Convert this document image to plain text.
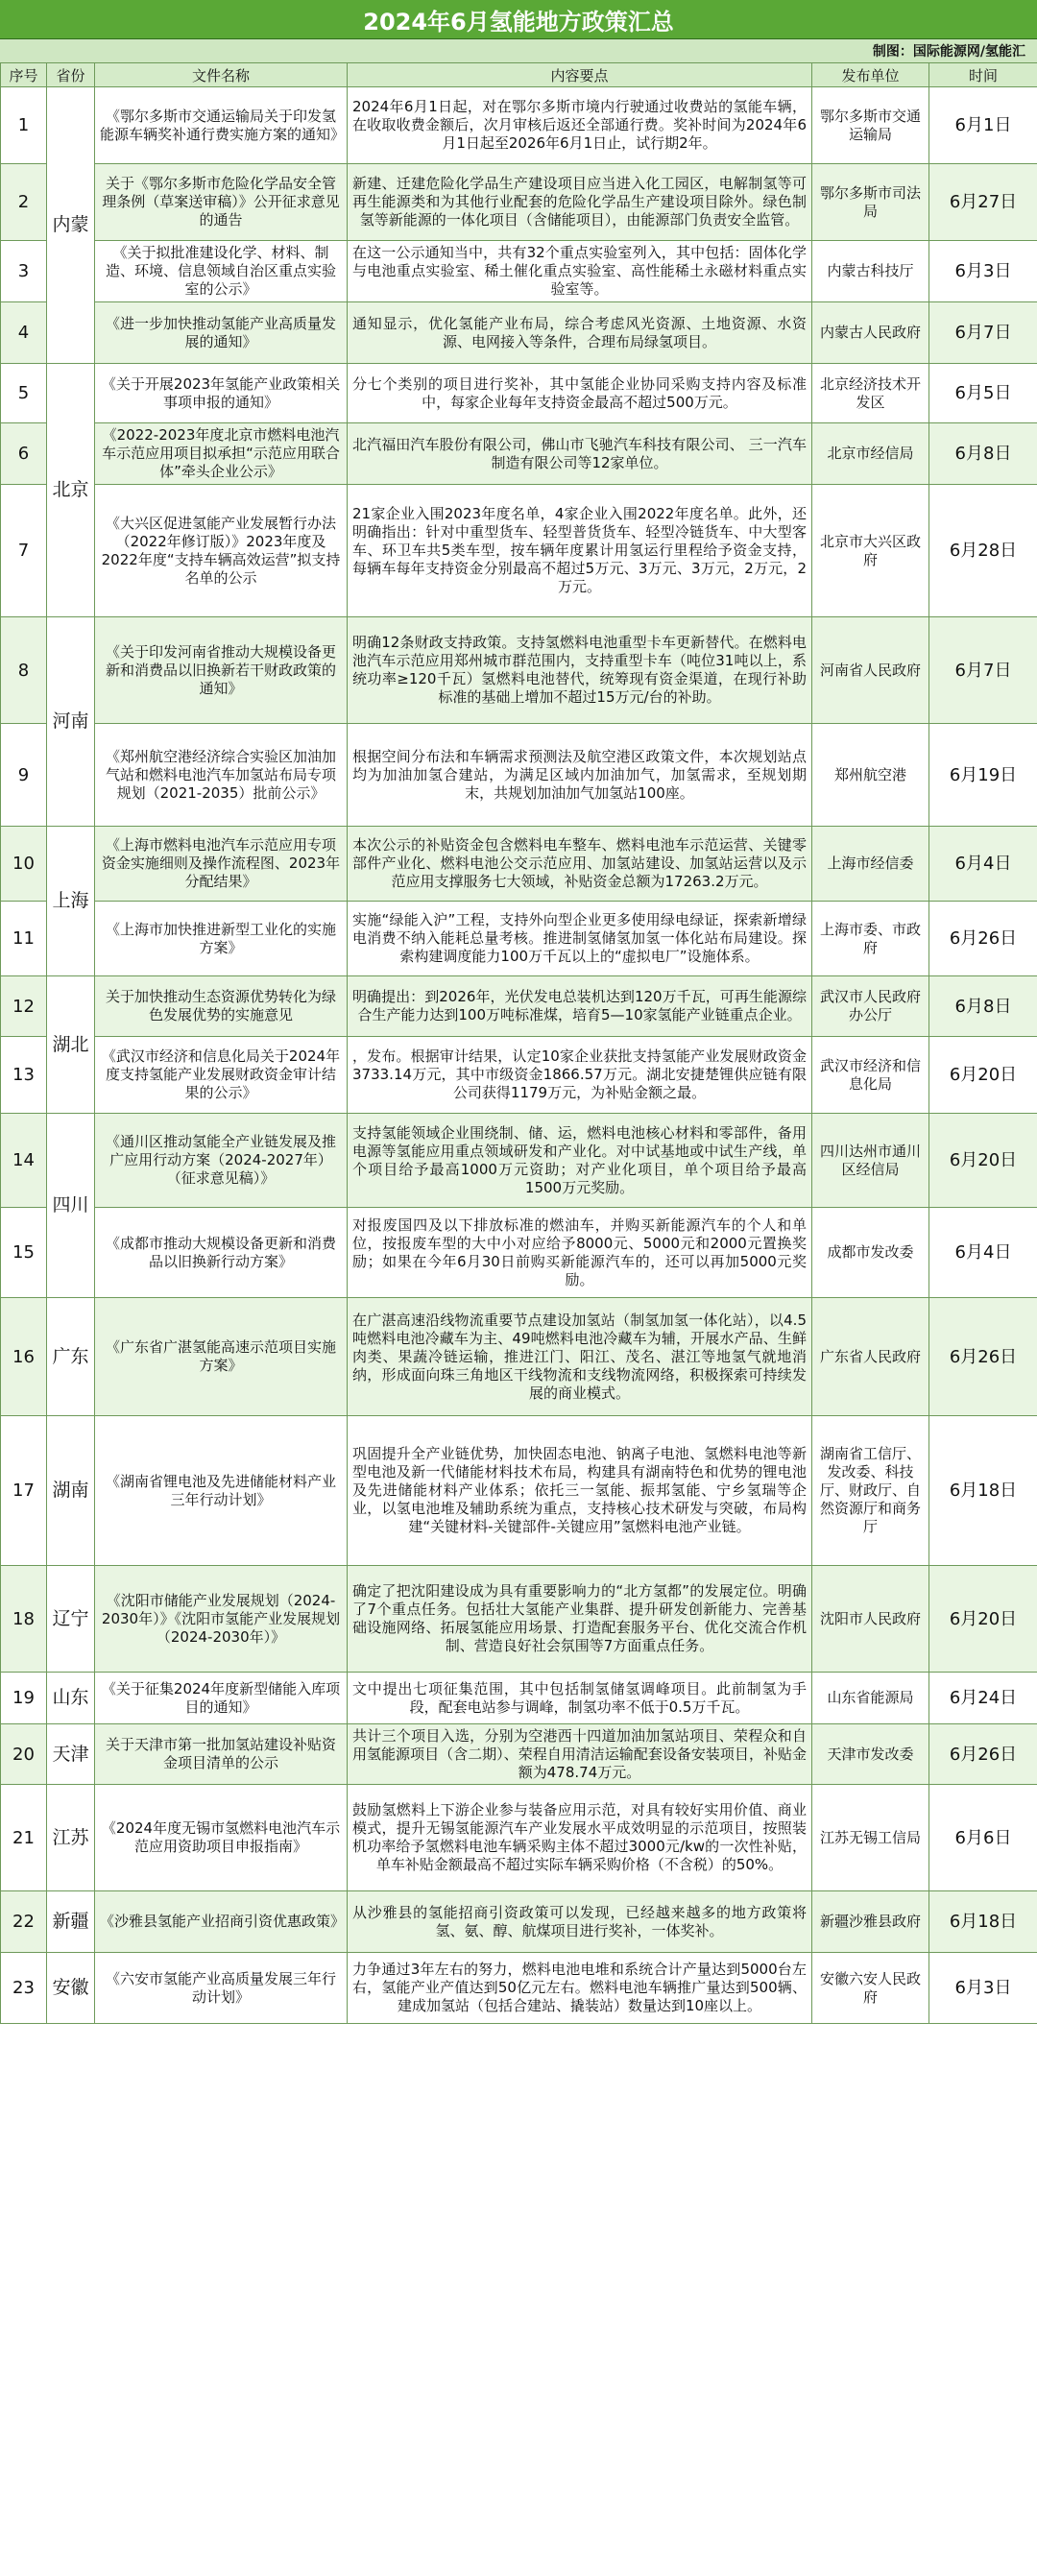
2024年6月氢能地方政策汇总
制图：国际能源网/氢能汇
序号	省份	文件名称	内容要点	发布单位	时间
1	内蒙	《鄂尔多斯市交通运输局关于印发氢能源车辆奖补通行费实施方案的通知》	2024年6月1日起，对在鄂尔多斯市境内行驶通过收费站的氢能车辆，在收取收费金额后，次月审核后返还全部通行费。奖补时间为2024年6月1日起至2026年6月1日止，试行期2年。	鄂尔多斯市交通运输局	6月1日
2		关于《鄂尔多斯市危险化学品安全管理条例（草案送审稿）》公开征求意见的通告	新建、迁建危险化学品生产建设项目应当进入化工园区，电解制氢等可再生能源类和为其他行业配套的危险化学品生产建设项目除外。绿色制氢等新能源的一体化项目（含储能项目），由能源部门负责安全监管。	鄂尔多斯市司法局	6月27日
3		《关于拟批准建设化学、材料、制造、环境、信息领域自治区重点实验室的公示》	在这一公示通知当中，共有32个重点实验室列入，其中包括：固体化学与电池重点实验室、稀土催化重点实验室、高性能稀土永磁材料重点实验室等。	内蒙古科技厅	6月3日
4		《进一步加快推动氢能产业高质量发展的通知》	通知显示，优化氢能产业布局，综合考虑风光资源、土地资源、水资源、电网接入等条件，合理布局绿氢项目。	内蒙古人民政府	6月7日
5	北京	《关于开展2023年氢能产业政策相关事项申报的通知》	分七个类别的项目进行奖补，其中氢能企业协同采购支持内容及标准中，每家企业每年支持资金最高不超过500万元。	北京经济技术开发区	6月5日
6		《2022-2023年度北京市燃料电池汽车示范应用项目拟承担“示范应用联合体”牵头企业公示》	北汽福田汽车股份有限公司，佛山市飞驰汽车科技有限公司、 三一汽车制造有限公司等12家单位。	北京市经信局	6月8日
7		《大兴区促进氢能产业发展暂行办法（2022年修订版）》2023年度及2022年度“支持车辆高效运营”拟支持名单的公示	21家企业入围2023年度名单，4家企业入围2022年度名单。此外，还明确指出：针对中重型货车、轻型普货货车、轻型冷链货车、中大型客车、环卫车共5类车型，按车辆年度累计用氢运行里程给予资金支持，每辆车每年支持资金分别最高不超过5万元、3万元、3万元，2万元，2万元。	北京市大兴区政府	6月28日
8	河南	《关于印发河南省推动大规模设备更新和消费品以旧换新若干财政政策的通知》	明确12条财政支持政策。支持氢燃料电池重型卡车更新替代。在燃料电池汽车示范应用郑州城市群范围内，支持重型卡车（吨位31吨以上，系统功率≥120千瓦）氢燃料电池替代，统筹现有资金渠道，在现行补助标准的基础上增加不超过15万元/台的补助。	河南省人民政府	6月7日
9		《郑州航空港经济综合实验区加油加气站和燃料电池汽车加氢站布局专项规划（2021-2035）批前公示》	根据空间分布法和车辆需求预测法及航空港区政策文件，本次规划站点均为加油加氢合建站，为满足区域内加油加气，加氢需求，至规划期末，共规划加油加气加氢站100座。	郑州航空港	6月19日
10	上海	《上海市燃料电池汽车示范应用专项资金实施细则及操作流程图、2023年分配结果》	本次公示的补贴资金包含燃料电车整车、燃料电池车示范运营、关键零部件产业化、燃料电池公交示范应用、加氢站建设、加氢站运营以及示范应用支撑服务七大领域，补贴资金总额为17263.2万元。	上海市经信委	6月4日
11		《上海市加快推进新型工业化的实施方案》	实施“绿能入沪”工程，支持外向型企业更多使用绿电绿证，探索新增绿电消费不纳入能耗总量考核。推进制氢储氢加氢一体化站布局建设。探索构建调度能力100万千瓦以上的“虚拟电厂”设施体系。	上海市委、市政府	6月26日
12	湖北	关于加快推动生态资源优势转化为绿色发展优势的实施意见	明确提出：到2026年，光伏发电总装机达到120万千瓦，可再生能源综合生产能力达到100万吨标准煤，培育5—10家氢能产业链重点企业。	武汉市人民政府办公厅	6月8日
13		《武汉市经济和信息化局关于2024年度支持氢能产业发展财政资金审计结果的公示》	，发布。根据审计结果，认定10家企业获批支持氢能产业发展财政资金3733.14万元，其中市级资金1866.57万元。湖北安捷楚锂供应链有限公司获得1179万元，为补贴金额之最。	武汉市经济和信息化局	6月20日
14	四川	《通川区推动氢能全产业链发展及推广应用行动方案（2024-2027年）（征求意见稿）》	支持氢能领域企业围绕制、储、运，燃料电池核心材料和零部件，备用电源等氢能应用重点领域研发和产业化。对中试基地或中试生产线，单个项目给予最高1000万元资助；对产业化项目，单个项目给予最高1500万元奖励。	四川达州市通川区经信局	6月20日
15		《成都市推动大规模设备更新和消费品以旧换新行动方案》	对报废国四及以下排放标准的燃油车，并购买新能源汽车的个人和单位，按报废车型的大中小对应给予8000元、5000元和2000元置换奖励；如果在今年6月30日前购买新能源汽车的，还可以再加5000元奖励。	成都市发改委	6月4日
16	广东	《广东省广湛氢能高速示范项目实施方案》	在广湛高速沿线物流重要节点建设加氢站（制氢加氢一体化站），以4.5吨燃料电池冷藏车为主、49吨燃料电池冷藏车为辅，开展水产品、生鲜肉类、果蔬冷链运输，推进江门、阳江、茂名、湛江等地氢气就地消纳，形成面向珠三角地区干线物流和支线物流网络，积极探索可持续发展的商业模式。	广东省人民政府	6月26日
17	湖南	《湖南省锂电池及先进储能材料产业三年行动计划》	巩固提升全产业链优势，加快固态电池、钠离子电池、氢燃料电池等新型电池及新一代储能材料技术布局，构建具有湖南特色和优势的锂电池及先进储能材料产业体系；依托三一氢能、振邦氢能、宁乡氢瑞等企业，以氢电池堆及辅助系统为重点，支持核心技术研发与突破，布局构建“关键材料-关键部件-关键应用”氢燃料电池产业链。	湖南省工信厅、发改委、科技厅、财政厅、自然资源厅和商务厅	6月18日
18	辽宁	《沈阳市储能产业发展规划（2024-2030年）》《沈阳市氢能产业发展规划（2024-2030年）》	确定了把沈阳建设成为具有重要影响力的“北方氢都”的发展定位。明确了7个重点任务。包括壮大氢能产业集群、提升研发创新能力、完善基础设施网络、拓展氢能应用场景、打造配套服务平台、优化交流合作机制、营造良好社会氛围等7方面重点任务。	沈阳市人民政府	6月20日
19	山东	《关于征集2024年度新型储能入库项目的通知》	文中提出七项征集范围，其中包括制氢储氢调峰项目。此前制氢为手段，配套电站参与调峰，制氢功率不低于0.5万千瓦。	山东省能源局	6月24日
20	天津	关于天津市第一批加氢站建设补贴资金项目清单的公示	共计三个项目入选，分别为空港西十四道加油加氢站项目、荣程众和自用氢能源项目（含二期）、荣程自用清洁运输配套设备安装项目，补贴金额为478.74万元。	天津市发改委	6月26日
21	江苏	《2024年度无锡市氢燃料电池汽车示范应用资助项目申报指南》	鼓励氢燃料上下游企业参与装备应用示范，对具有较好实用价值、商业模式，提升无锡氢能源汽车产业发展水平成效明显的示范项目，按照装机功率给予氢燃料电池车辆采购主体不超过3000元/kw的一次性补贴，单车补贴金额最高不超过实际车辆采购价格（不含税）的50%。	江苏无锡工信局	6月6日
22	新疆	《沙雅县氢能产业招商引资优惠政策》	从沙雅县的氢能招商引资政策可以发现，已经越来越多的地方政策将氢、氨、醇、航煤项目进行奖补，一体奖补。	新疆沙雅县政府	6月18日
23	安徽	《六安市氢能产业高质量发展三年行动计划》	力争通过3年左右的努力，燃料电池电堆和系统合计产量达到5000台左右，氢能产业产值达到50亿元左右。燃料电池车辆推广量达到500辆、建成加氢站（包括合建站、撬装站）数量达到10座以上。	安徽六安人民政府	6月3日
